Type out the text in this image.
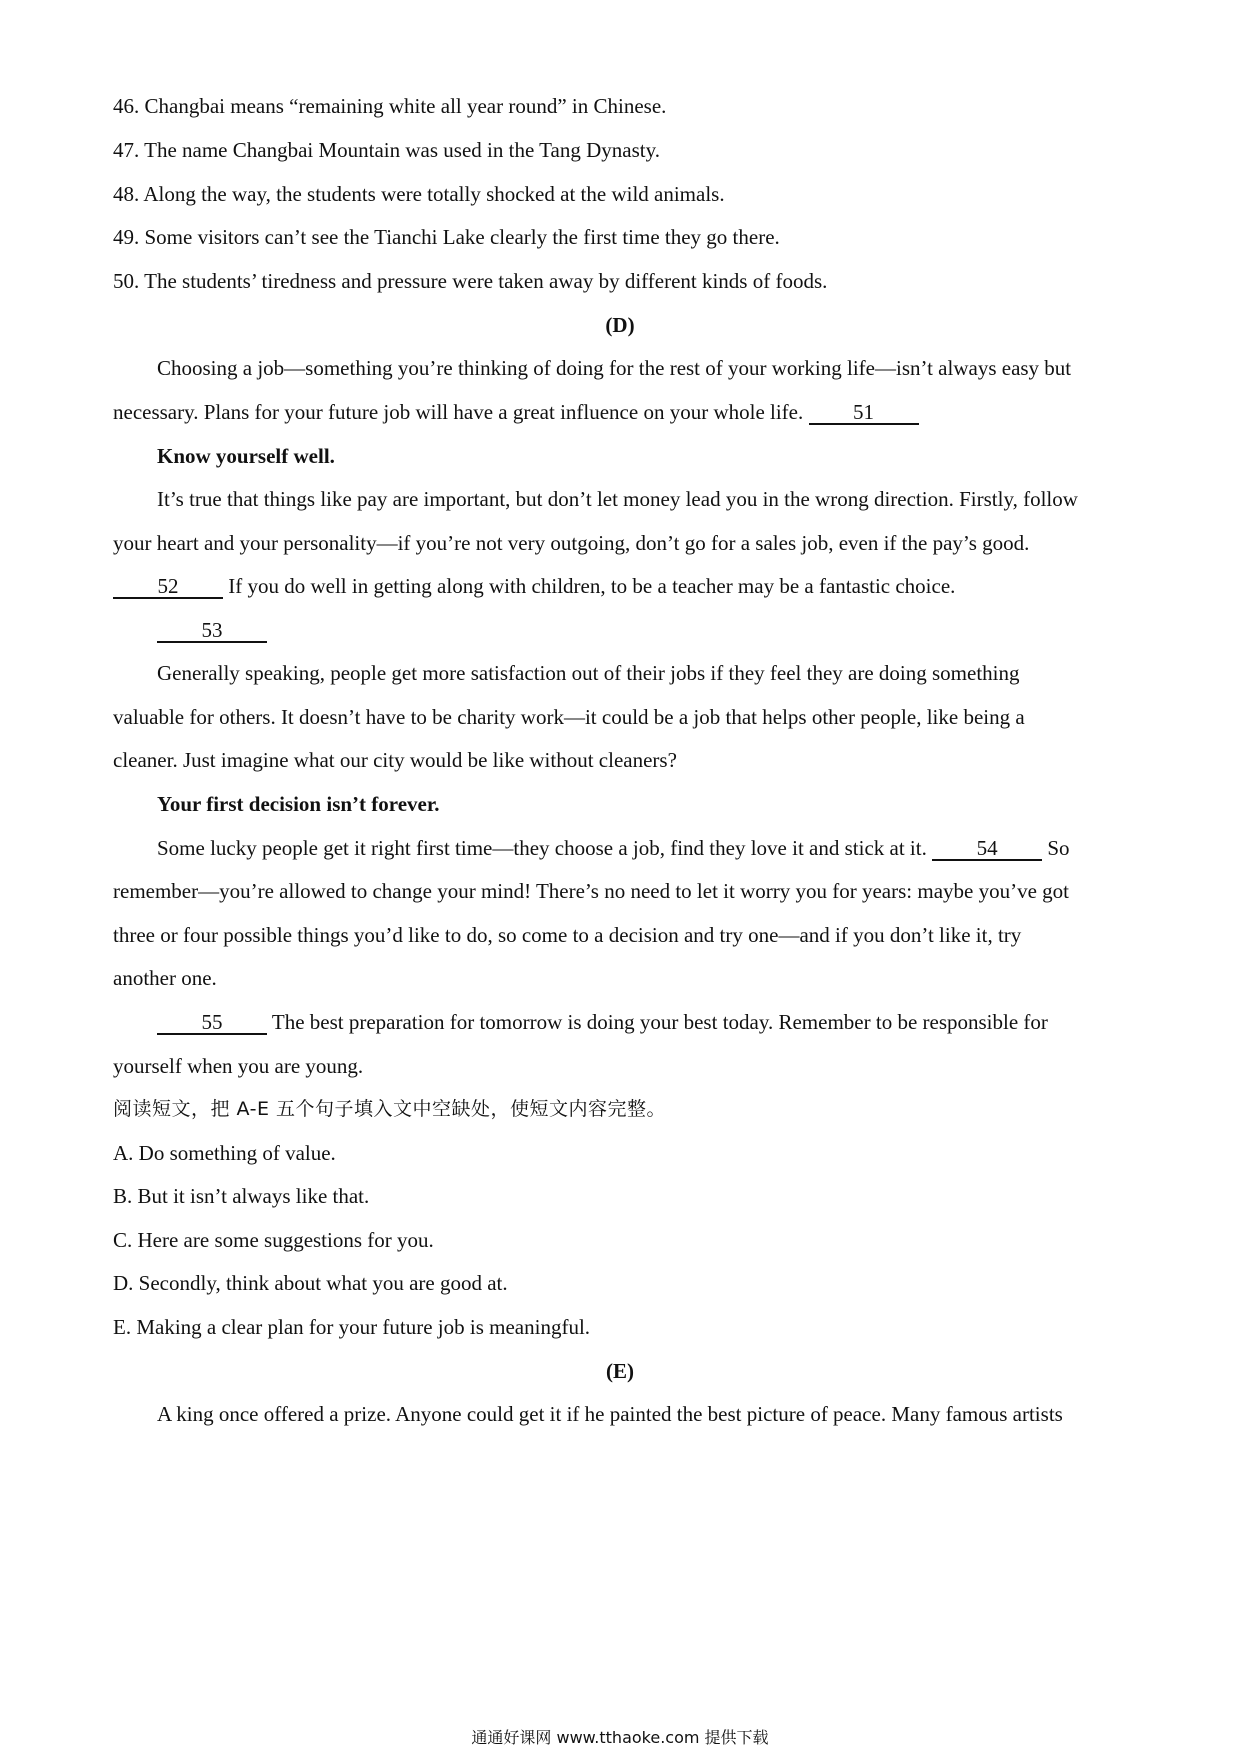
46. Changbai means “remaining white all year round” in Chinese.
47. The name Changbai Mountain was used in the Tang Dynasty.
48. Along the way, the students were totally shocked at the wild animals.
49. Some visitors can’t see the Tianchi Lake clearly the first time they go there.
50. The students’ tiredness and pressure were taken away by different kinds of foods.
(D)
Choosing a job—something you’re thinking of doing for the rest of your working life—isn’t always easy but
necessary. Plans for your future job will have a great influence on your whole life. 51
Know yourself well.
It’s true that things like pay are important, but don’t let money lead you in the wrong direction. Firstly, follow
your heart and your personality—if you’re not very outgoing, don’t go for a sales job, even if the pay’s good.
52 If you do well in getting along with children, to be a teacher may be a fantastic choice.
53
Generally speaking, people get more satisfaction out of their jobs if they feel they are doing something
valuable for others. It doesn’t have to be charity work—it could be a job that helps other people, like being a
cleaner. Just imagine what our city would be like without cleaners?
Your first decision isn’t forever.
Some lucky people get it right first time—they choose a job, find they love it and stick at it. 54 So
remember—you’re allowed to change your mind! There’s no need to let it worry you for years: maybe you’ve got
three or four possible things you’d like to do, so come to a decision and try one—and if you don’t like it, try
another one.
55 The best preparation for tomorrow is doing your best today. Remember to be responsible for
yourself when you are young.
阅读短文，把 A-E 五个句子填入文中空缺处，使短文内容完整。
A. Do something of value.
B. But it isn’t always like that.
C. Here are some suggestions for you.
D. Secondly, think about what you are good at.
E. Making a clear plan for your future job is meaningful.
(E)
A king once offered a prize. Anyone could get it if he painted the best picture of peace. Many famous artists
通通好课网 www.tthaoke.com 提供下载
